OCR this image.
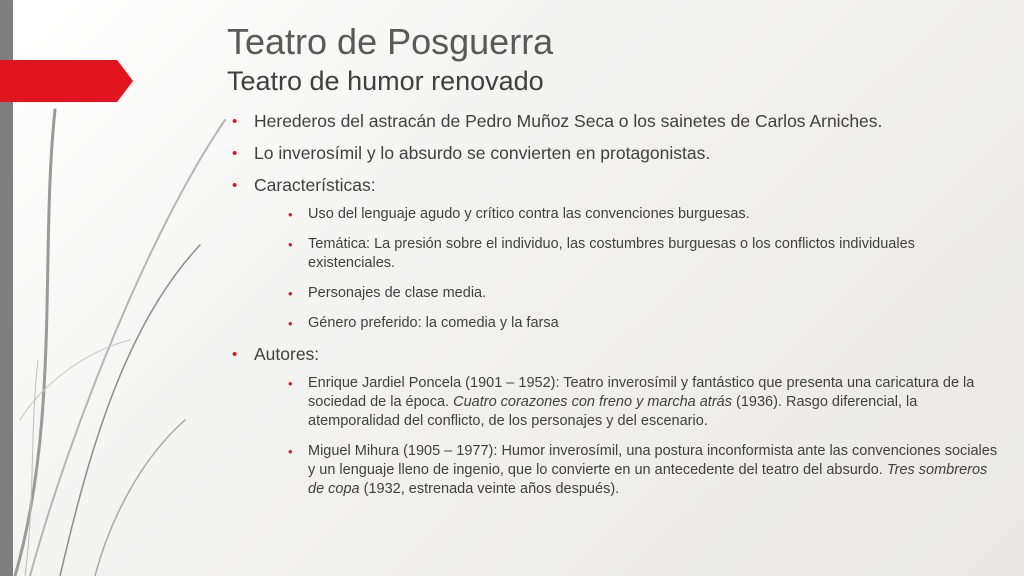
Teatro de Posguerra
Teatro de humor renovado
• Herederos del astracán de Pedro Muñoz Seca o los sainetes de Carlos Arniches.
• Lo inverosímil y lo absurdo se convierten en protagonistas.
• Características:
• Uso del lenguaje agudo y crítico contra las convenciones burguesas.
• Temática: La presión sobre el individuo, las costumbres burguesas o los conflictos individuales existenciales.
• Personajes de clase media.
• Género preferido: la comedia y la farsa
• Autores:
• Enrique Jardiel Poncela (1901 – 1952): Teatro inverosímil y fantástico que presenta una caricatura de la sociedad de la época. Cuatro corazones con freno y marcha atrás (1936). Rasgo diferencial, la atemporalidad del conflicto, de los personajes y del escenario.
• Miguel Mihura (1905 – 1977): Humor inverosímil, una postura inconformista ante las convenciones sociales y un lenguaje lleno de ingenio, que lo convierte en un antecedente del teatro del absurdo. Tres sombreros de copa (1932, estrenada veinte años después).
